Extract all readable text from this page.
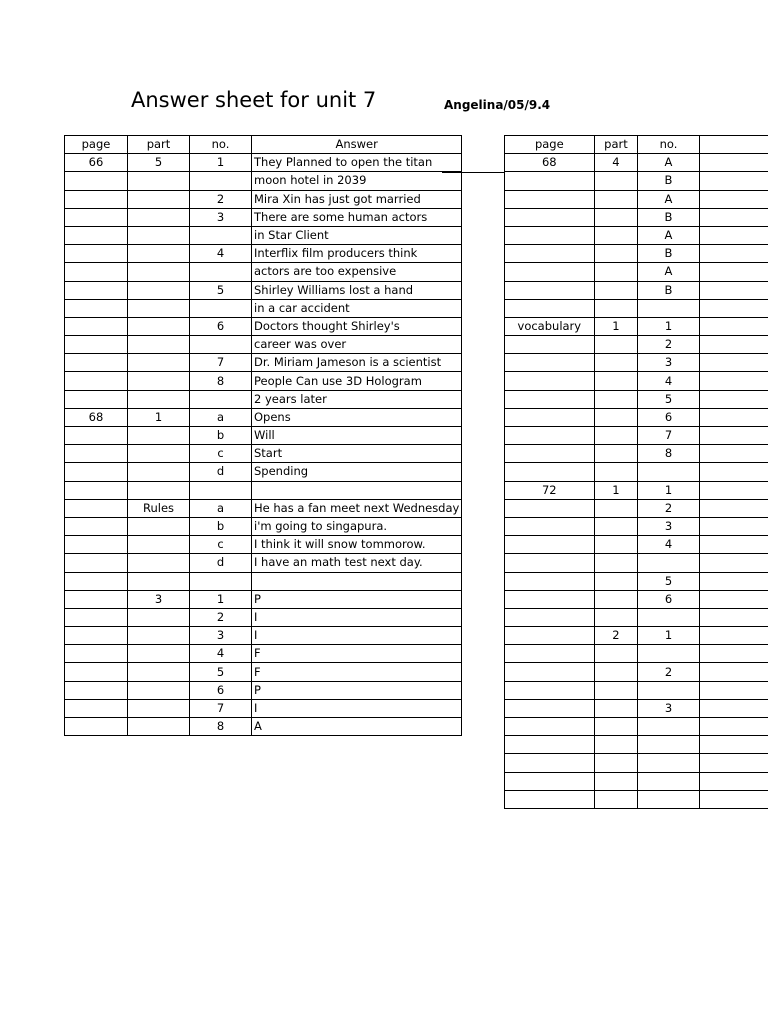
Answer sheet for unit 7	Angelina/05/9.4
page	part	no.	Answer
66	5	1	They Planned to open the titan
			moon hotel in 2039
		2	Mira Xin has just got married
		3	There are some human actors
			in Star Client
		4	Interflix film producers think
			actors are too expensive
		5	Shirley Williams lost a hand
			in a car accident
		6	Doctors thought Shirley's
			career was over
		7	Dr. Miriam Jameson is a scientist
		8	People Can use 3D Hologram
			2 years later
68	1	a	Opens
		b	Will
		c	Start
		d	Spending

	Rules	a	He has a fan meet next Wednesday
		b	i'm going to singapura.
		c	I think it will snow tommorow.
		d	I have an math test next day.

	3	1	P
		2	I
		3	I
		4	F
		5	F
		6	P
		7	I
		8	A
page	part	no.	
68	4	A	
		B	
		A	
		B	
		A	
		B	
		A	
		B	

vocabulary	1	1	
		2	
		3	
		4	
		5	
		6	
		7	
		8	

72	1	1	
		2	
		3	
		4	

		5	
		6	

	2	1	

		2	

		3	
